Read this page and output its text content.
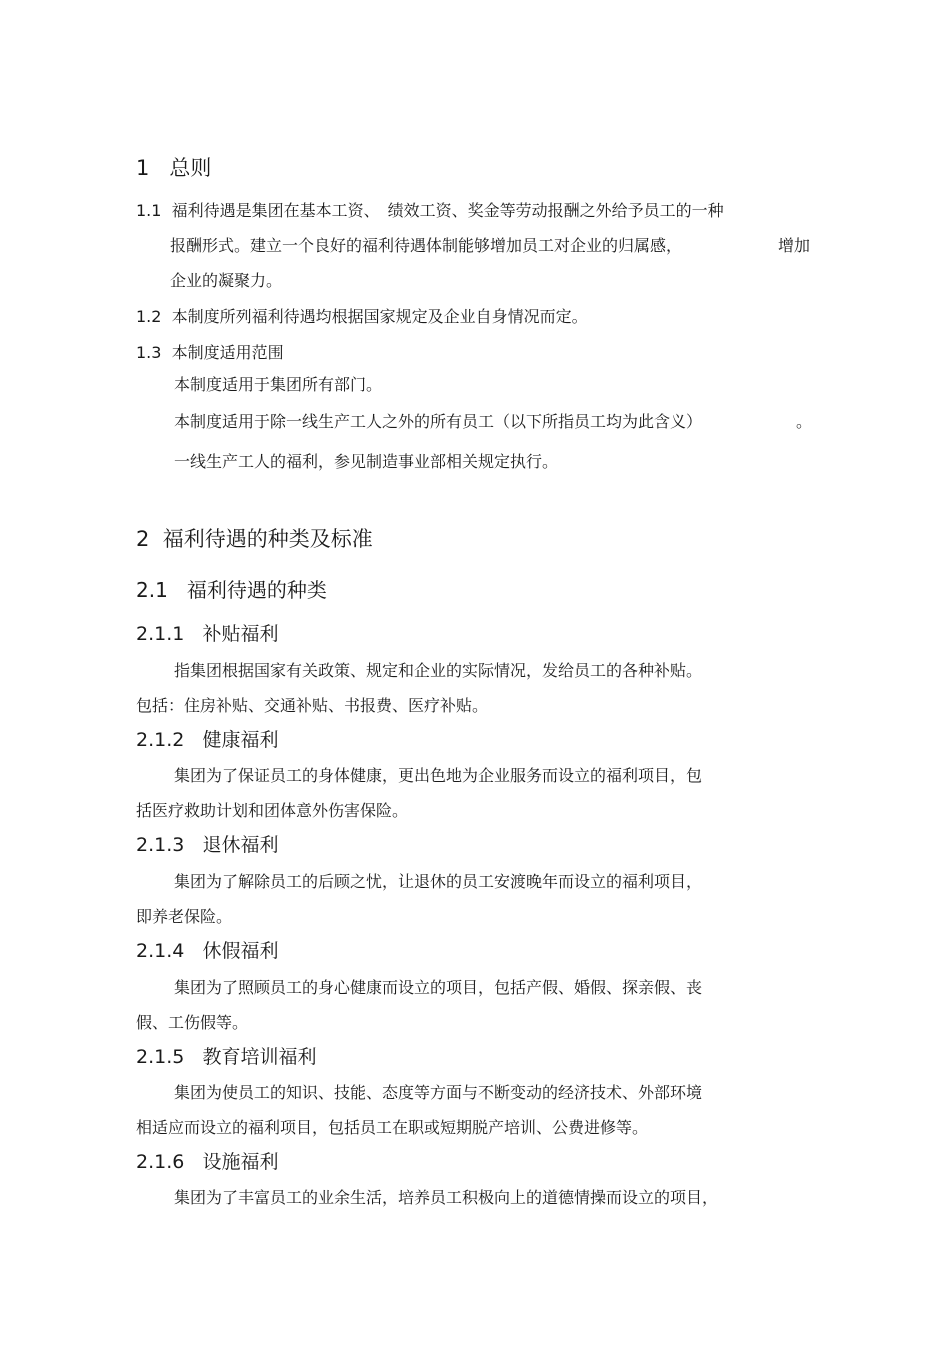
1 总则
1.1 福利待遇是集团在基本工资、　绩效工资、奖金等劳动报酬之外给予员工的一种
报酬形式。建立一个良好的福利待遇体制能够增加员工对企业的归属感，	增加
企业的凝聚力。
1.2 本制度所列福利待遇均根据国家规定及企业自身情况而定。
1.3 本制度适用范围
本制度适用于集团所有部门。
本制度适用于除一线生产工人之外的所有员工（以下所指员工均为此含义）	。
一线生产工人的福利，参见制造事业部相关规定执行。
2 福利待遇的种类及标准
2.1 福利待遇的种类
2.1.1 补贴福利
指集团根据国家有关政策、规定和企业的实际情况，发给员工的各种补贴。
包括：住房补贴、交通补贴、书报费、医疗补贴。
2.1.2 健康福利
集团为了保证员工的身体健康，更出色地为企业服务而设立的福利项目，包
括医疗救助计划和团体意外伤害保险。
2.1.3 退休福利
集团为了解除员工的后顾之忧，让退休的员工安渡晚年而设立的福利项目，
即养老保险。
2.1.4 休假福利
集团为了照顾员工的身心健康而设立的项目，包括产假、婚假、探亲假、丧
假、工伤假等。
2.1.5 教育培训福利
集团为使员工的知识、技能、态度等方面与不断变动的经济技术、外部环境
相适应而设立的福利项目，包括员工在职或短期脱产培训、公费进修等。
2.1.6 设施福利
集团为了丰富员工的业余生活，培养员工积极向上的道德情操而设立的项目，
